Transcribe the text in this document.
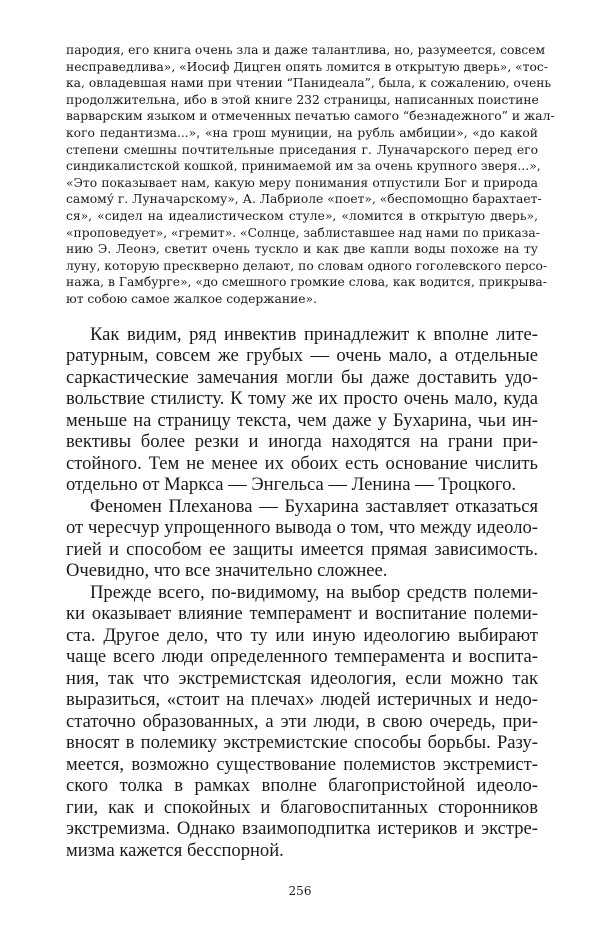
пародия, его книга очень зла и даже талантлива, но, разумеется, совсем
несправедлива», «Иосиф Дицген опять ломится в открытую дверь», «тос-
ка, овладевшая нами при чтении “Панидеала”, была, к сожалению, очень
продолжительна, ибо в этой книге 232 страницы, написанных поистине
варварским языком и отмеченных печатью самого “безнадежного” и жал-
кого педантизма...», «на грош муниции, на рубль амбиции», «до какой
степени смешны почтительные приседания г. Луначарского перед его
синдикалистской кошкой, принимаемой им за очень крупного зверя...»,
«Это показывает нам, какую меру понимания отпустили Бог и природа
самому́ г. Луначарскому», А. Лабриоле «поет», «беспомощно барахтает-
ся», «сидел на идеалистическом стуле», «ломится в открытую дверь»,
«проповедует», «гремит». «Солнце, заблиставшее над нами по приказа-
нию Э. Леонэ, светит очень тускло и как две капли воды похоже на ту
луну, которую прескверно делают, по словам одного гоголевского персо-
нажа, в Гамбурге», «до смешного громкие слова, как водится, прикрыва-
ют собою самое жалкое содержание».
Как видим, ряд инвектив принадлежит к вполне лите-
ратурным, совсем же грубых — очень мало, а отдельные
саркастические замечания могли бы даже доставить удо-
вольствие стилисту. К тому же их просто очень мало, куда
меньше на страницу текста, чем даже у Бухарина, чьи ин-
вективы более резки и иногда находятся на грани при-
стойного. Тем не менее их обоих есть основание числить
отдельно от Маркса — Энгельса — Ленина — Троцкого.
Феномен Плеханова — Бухарина заставляет отказаться
от чересчур упрощенного вывода о том, что между идеоло-
гией и способом ее защиты имеется прямая зависимость.
Очевидно, что все значительно сложнее.
Прежде всего, по-видимому, на выбор средств полеми-
ки оказывает влияние темперамент и воспитание полеми-
ста. Другое дело, что ту или иную идеологию выбирают
чаще всего люди определенного темперамента и воспита-
ния, так что экстремистская идеология, если можно так
выразиться, «стоит на плечах» людей истеричных и недо-
статочно образованных, а эти люди, в свою очередь, при-
вносят в полемику экстремистские способы борьбы. Разу-
меется, возможно существование полемистов экстремист-
ского толка в рамках вполне благопристойной идеоло-
гии, как и спокойных и благовоспитанных сторонников
экстремизма. Однако взаимоподпитка истериков и экстре-
мизма кажется бесспорной.
256
